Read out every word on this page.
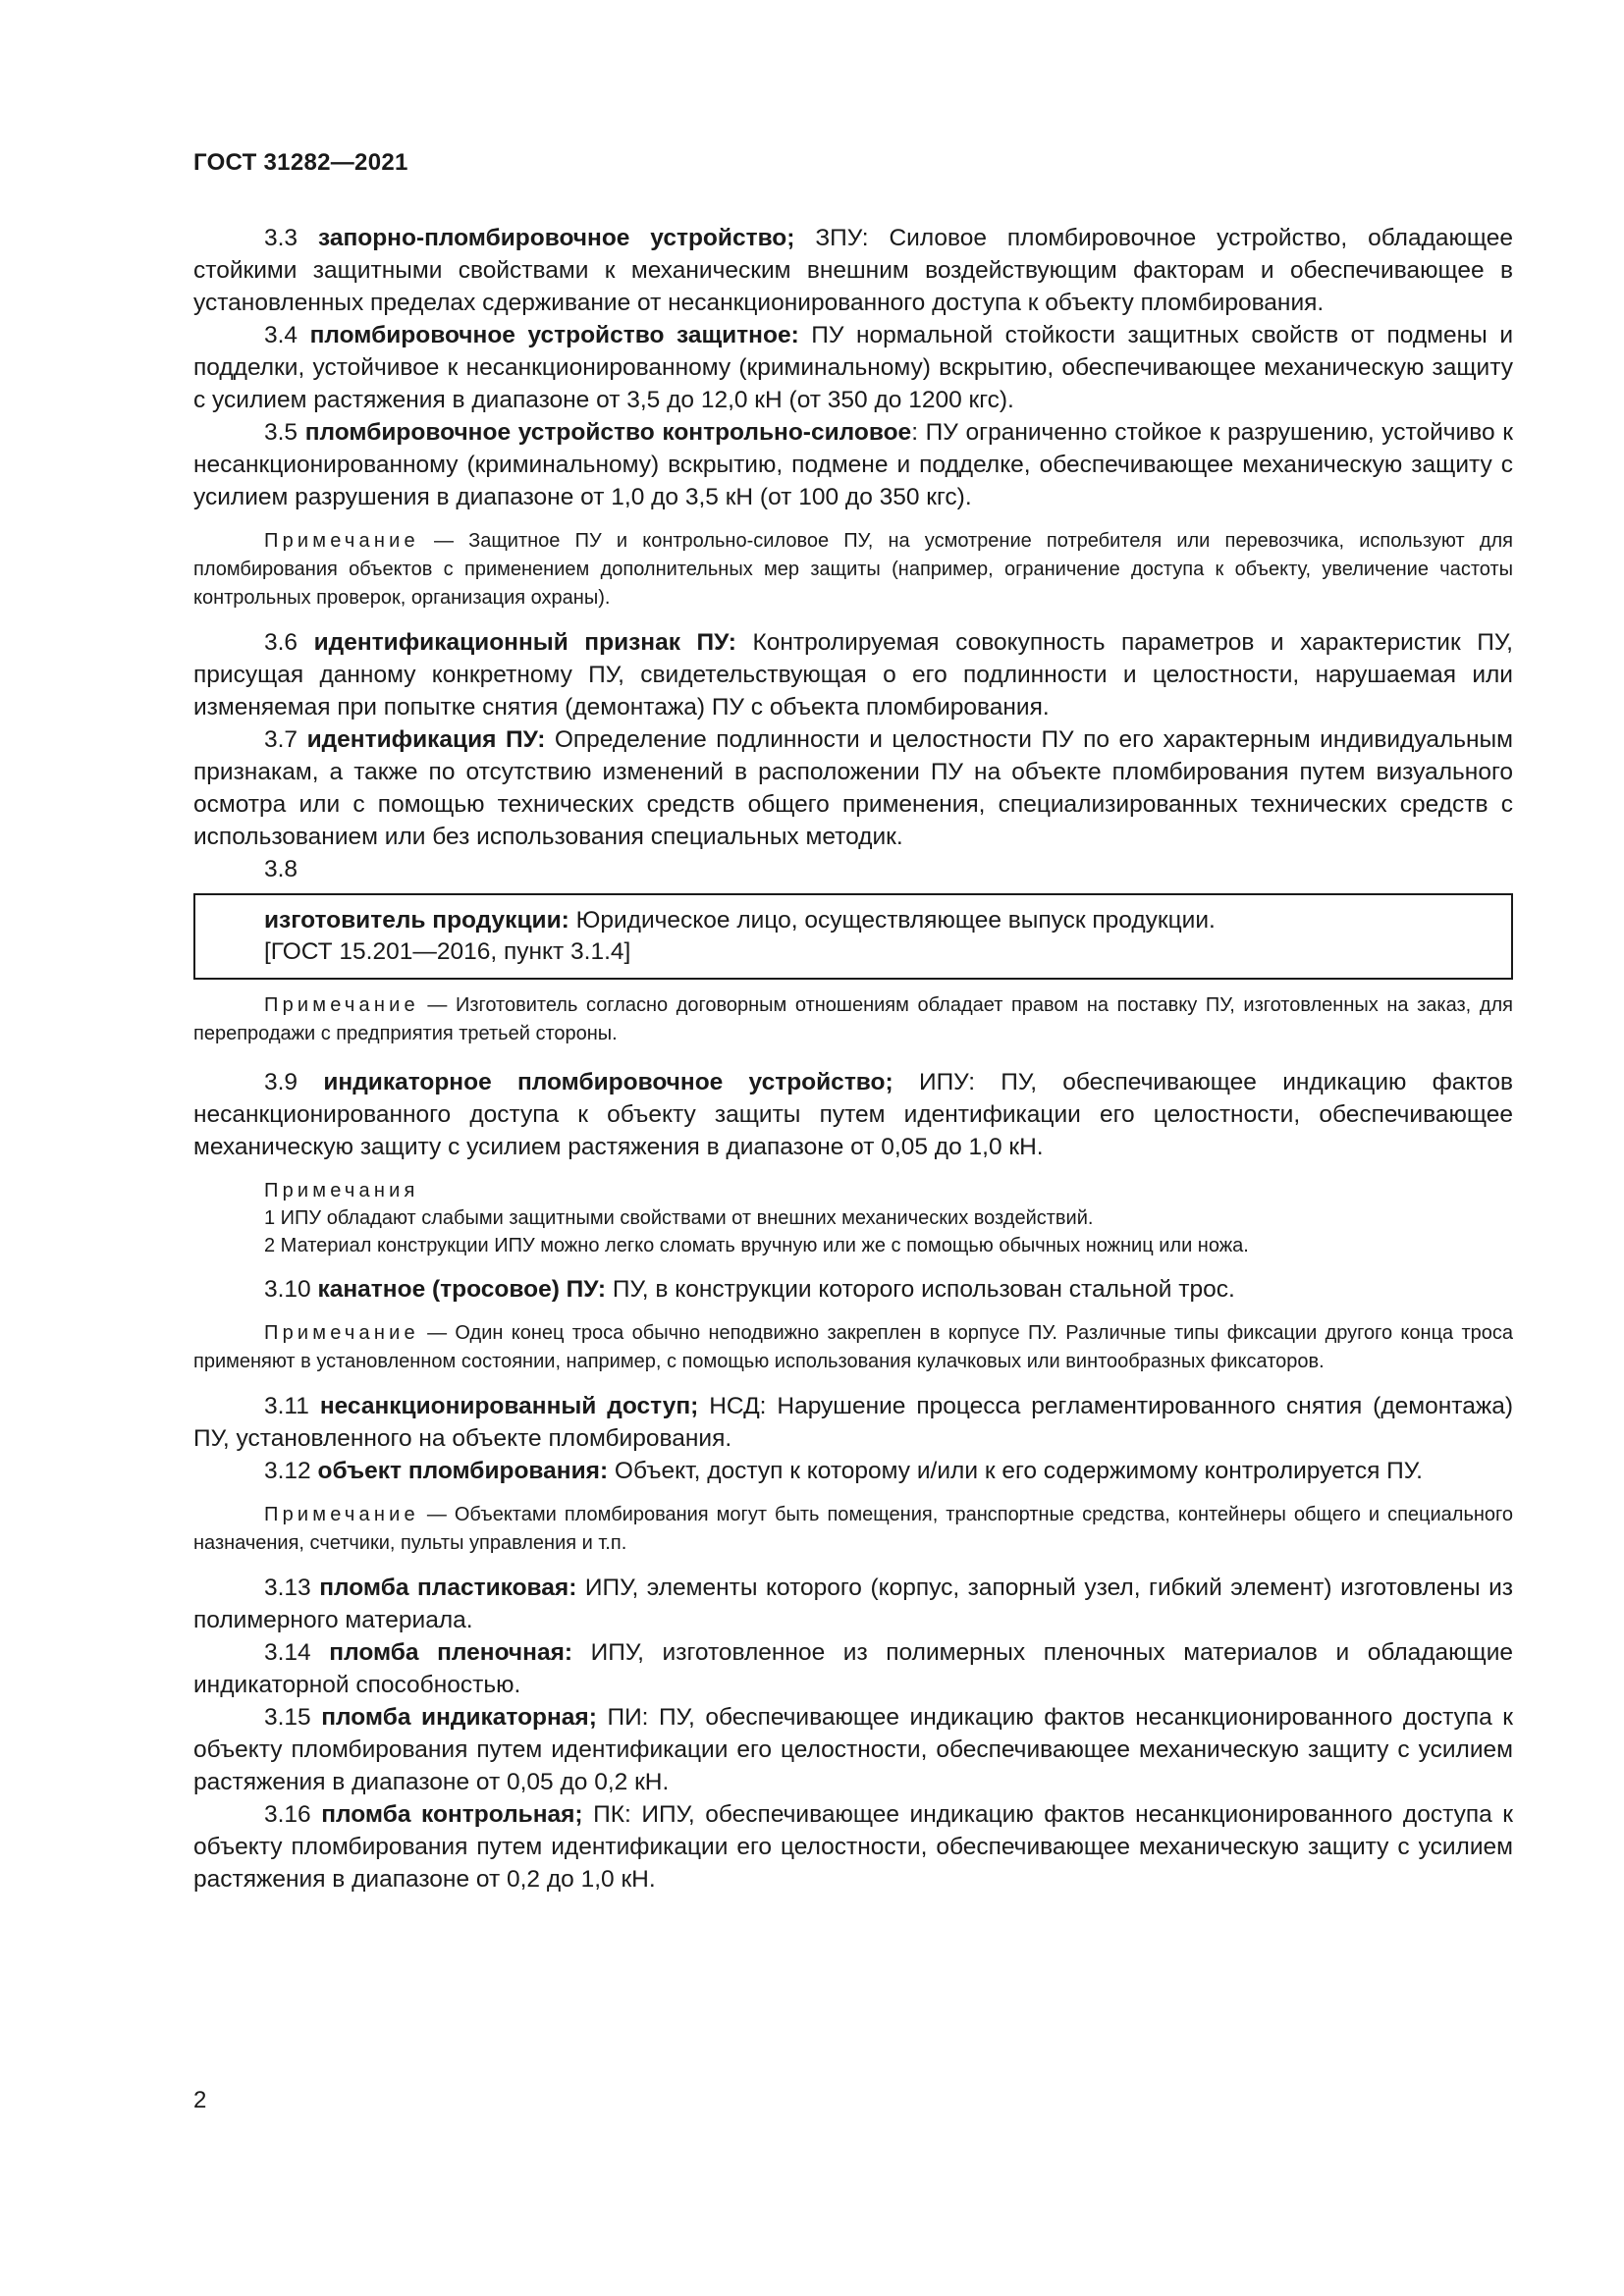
ГОСТ 31282—2021

3.3 запорно-пломбировочное устройство; ЗПУ: Силовое пломбировочное устройство, обладающее стойкими защитными свойствами к механическим внешним воздействующим факторам и обеспечивающее в установленных пределах сдерживание от несанкционированного доступа к объекту пломбирования.

3.4 пломбировочное устройство защитное: ПУ нормальной стойкости защитных свойств от подмены и подделки, устойчивое к несанкционированному (криминальному) вскрытию, обеспечивающее механическую защиту с усилием растяжения в диапазоне от 3,5 до 12,0 кН (от 350 до 1200 кгс).

3.5 пломбировочное устройство контрольно-силовое: ПУ ограниченно стойкое к разрушению, устойчиво к несанкционированному (криминальному) вскрытию, подмене и подделке, обеспечивающее механическую защиту с усилием разрушения в диапазоне от 1,0 до 3,5 кН (от 100 до 350 кгс).

Примечание — Защитное ПУ и контрольно-силовое ПУ, на усмотрение потребителя или перевозчика, используют для пломбирования объектов с применением дополнительных мер защиты (например, ограничение доступа к объекту, увеличение частоты контрольных проверок, организация охраны).

3.6 идентификационный признак ПУ: Контролируемая совокупность параметров и характеристик ПУ, присущая данному конкретному ПУ, свидетельствующая о его подлинности и целостности, нарушаемая или изменяемая при попытке снятия (демонтажа) ПУ с объекта пломбирования.

3.7 идентификация ПУ: Определение подлинности и целостности ПУ по его характерным индивидуальным признакам, а также по отсутствию изменений в расположении ПУ на объекте пломбирования путем визуального осмотра или с помощью технических средств общего применения, специализированных технических средств с использованием или без использования специальных методик.

3.8

изготовитель продукции: Юридическое лицо, осуществляющее выпуск продукции.
[ГОСТ 15.201—2016, пункт 3.1.4]

Примечание — Изготовитель согласно договорным отношениям обладает правом на поставку ПУ, изготовленных на заказ, для перепродажи с предприятия третьей стороны.

3.9 индикаторное пломбировочное устройство; ИПУ: ПУ, обеспечивающее индикацию фактов несанкционированного доступа к объекту защиты путем идентификации его целостности, обеспечивающее механическую защиту с усилием растяжения в диапазоне от 0,05 до 1,0 кН.

Примечания

1 ИПУ обладают слабыми защитными свойствами от внешних механических воздействий.

2 Материал конструкции ИПУ можно легко сломать вручную или же с помощью обычных ножниц или ножа.

3.10 канатное (тросовое) ПУ: ПУ, в конструкции которого использован стальной трос.

Примечание — Один конец троса обычно неподвижно закреплен в корпусе ПУ. Различные типы фиксации другого конца троса применяют в установленном состоянии, например, с помощью использования кулачковых или винтообразных фиксаторов.

3.11 несанкционированный доступ; НСД: Нарушение процесса регламентированного снятия (демонтажа) ПУ, установленного на объекте пломбирования.

3.12 объект пломбирования: Объект, доступ к которому и/или к его содержимому контролируется ПУ.

Примечание — Объектами пломбирования могут быть помещения, транспортные средства, контейнеры общего и специального назначения, счетчики, пульты управления и т.п.

3.13 пломба пластиковая: ИПУ, элементы которого (корпус, запорный узел, гибкий элемент) изготовлены из полимерного материала.

3.14 пломба пленочная: ИПУ, изготовленное из полимерных пленочных материалов и обладающие индикаторной способностью.

3.15 пломба индикаторная; ПИ: ПУ, обеспечивающее индикацию фактов несанкционированного доступа к объекту пломбирования путем идентификации его целостности, обеспечивающее механическую защиту с усилием растяжения в диапазоне от 0,05 до 0,2 кН.

3.16 пломба контрольная; ПК: ИПУ, обеспечивающее индикацию фактов несанкционированного доступа к объекту пломбирования путем идентификации его целостности, обеспечивающее механическую защиту с усилием растяжения в диапазоне от 0,2 до 1,0 кН.

2
